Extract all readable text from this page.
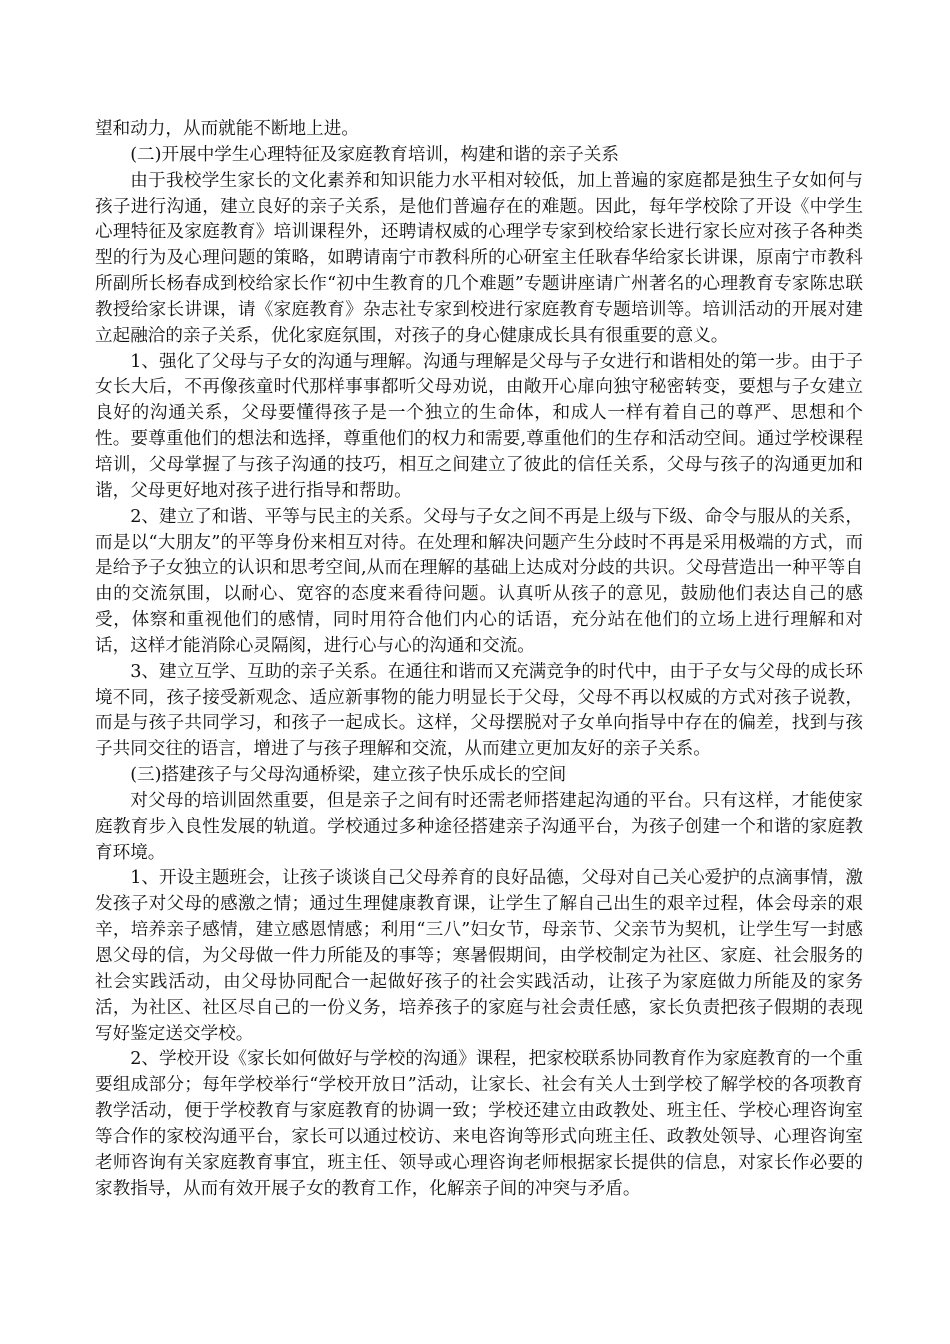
望和动力，从而就能不断地上进。

(二)开展中学生心理特征及家庭教育培训，构建和谐的亲子关系

由于我校学生家长的文化素养和知识能力水平相对较低，加上普遍的家庭都是独生子女如何与孩子进行沟通，建立良好的亲子关系，是他们普遍存在的难题。因此，每年学校除了开设《中学生心理特征及家庭教育》培训课程外，还聘请权威的心理学专家到校给家长进行家长应对孩子各种类型的行为及心理问题的策略，如聘请南宁市教科所的心研室主任耿春华给家长讲课，原南宁市教科所副所长杨春成到校给家长作“初中生教育的几个难题”专题讲座请广州著名的心理教育专家陈忠联教授给家长讲课，请《家庭教育》杂志社专家到校进行家庭教育专题培训等。培训活动的开展对建立起融洽的亲子关系，优化家庭氛围，对孩子的身心健康成长具有很重要的意义。

1、强化了父母与子女的沟通与理解。沟通与理解是父母与子女进行和谐相处的第一步。由于子女长大后，不再像孩童时代那样事事都听父母劝说，由敞开心扉向独守秘密转变，要想与子女建立良好的沟通关系，父母要懂得孩子是一个独立的生命体，和成人一样有着自己的尊严、思想和个性。要尊重他们的想法和选择，尊重他们的权力和需要,尊重他们的生存和活动空间。通过学校课程培训，父母掌握了与孩子沟通的技巧，相互之间建立了彼此的信任关系，父母与孩子的沟通更加和谐，父母更好地对孩子进行指导和帮助。

2、建立了和谐、平等与民主的关系。父母与子女之间不再是上级与下级、命令与服从的关系，而是以“大朋友”的平等身份来相互对待。在处理和解决问题产生分歧时不再是采用极端的方式，而是给予子女独立的认识和思考空间,从而在理解的基础上达成对分歧的共识。父母营造出一种平等自由的交流氛围，以耐心、宽容的态度来看待问题。认真听从孩子的意见，鼓励他们表达自己的感受，体察和重视他们的感情，同时用符合他们内心的话语，充分站在他们的立场上进行理解和对话，这样才能消除心灵隔阂，进行心与心的沟通和交流。

3、建立互学、互助的亲子关系。在通往和谐而又充满竞争的时代中，由于子女与父母的成长环境不同，孩子接受新观念、适应新事物的能力明显长于父母，父母不再以权威的方式对孩子说教，而是与孩子共同学习，和孩子一起成长。这样，父母摆脱对子女单向指导中存在的偏差，找到与孩子共同交往的语言，增进了与孩子理解和交流，从而建立更加友好的亲子关系。

(三)搭建孩子与父母沟通桥梁，建立孩子快乐成长的空间

对父母的培训固然重要，但是亲子之间有时还需老师搭建起沟通的平台。只有这样，才能使家庭教育步入良性发展的轨道。学校通过多种途径搭建亲子沟通平台，为孩子创建一个和谐的家庭教育环境。

1、开设主题班会，让孩子谈谈自己父母养育的良好品德，父母对自己关心爱护的点滴事情，激发孩子对父母的感激之情；通过生理健康教育课，让学生了解自己出生的艰辛过程，体会母亲的艰辛，培养亲子感情，建立感恩情感；利用“三八”妇女节，母亲节、父亲节为契机，让学生写一封感恩父母的信，为父母做一件力所能及的事等；寒暑假期间，由学校制定为社区、家庭、社会服务的社会实践活动，由父母协同配合一起做好孩子的社会实践活动，让孩子为家庭做力所能及的家务活，为社区、社区尽自己的一份义务，培养孩子的家庭与社会责任感，家长负责把孩子假期的表现写好鉴定送交学校。

2、学校开设《家长如何做好与学校的沟通》课程，把家校联系协同教育作为家庭教育的一个重要组成部分；每年学校举行“学校开放日”活动，让家长、社会有关人士到学校了解学校的各项教育教学活动，便于学校教育与家庭教育的协调一致；学校还建立由政教处、班主任、学校心理咨询室等合作的家校沟通平台，家长可以通过校访、来电咨询等形式向班主任、政教处领导、心理咨询室老师咨询有关家庭教育事宜，班主任、领导或心理咨询老师根据家长提供的信息，对家长作必要的家教指导，从而有效开展子女的教育工作，化解亲子间的冲突与矛盾。
